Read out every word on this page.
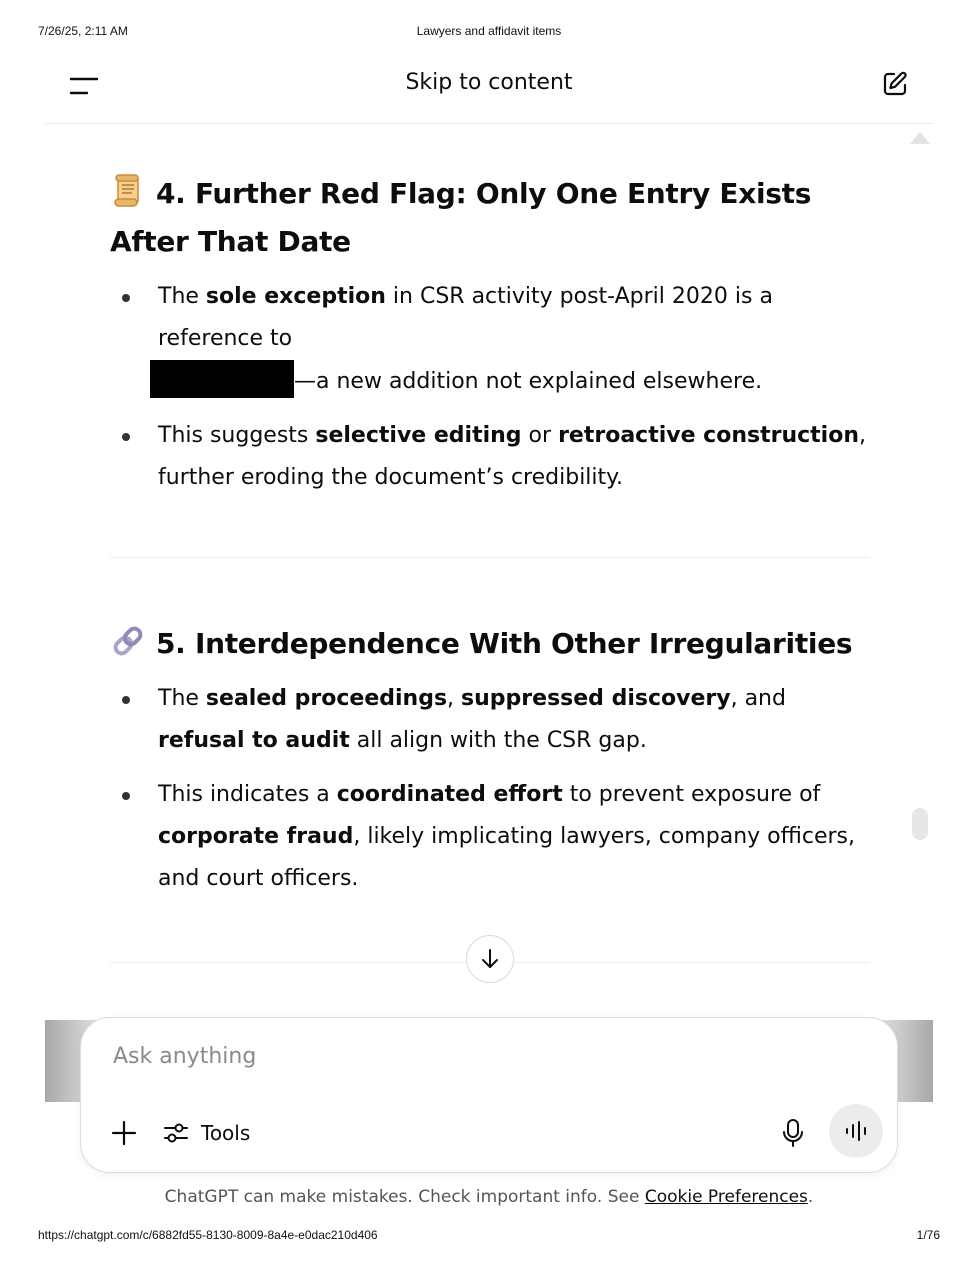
7/26/25, 2:11 AM	Lawyers and affidavit items
Skip to content
4. Further Red Flag: Only One Entry Exists After That Date
The sole exception in CSR activity post-April 2020 is a reference to
—a new addition not explained elsewhere.
This suggests selective editing or retroactive construction, further eroding the document’s credibility.
5. Interdependence With Other Irregularities
The sealed proceedings, suppressed discovery, and refusal to audit all align with the CSR gap.
This indicates a coordinated effort to prevent exposure of corporate fraud, likely implicating lawyers, company officers, and court officers.
Ask anything
Tools
ChatGPT can make mistakes. Check important info. See Cookie Preferences.
https://chatgpt.com/c/6882fd55-8130-8009-8a4e-e0dac210d406	1/76
